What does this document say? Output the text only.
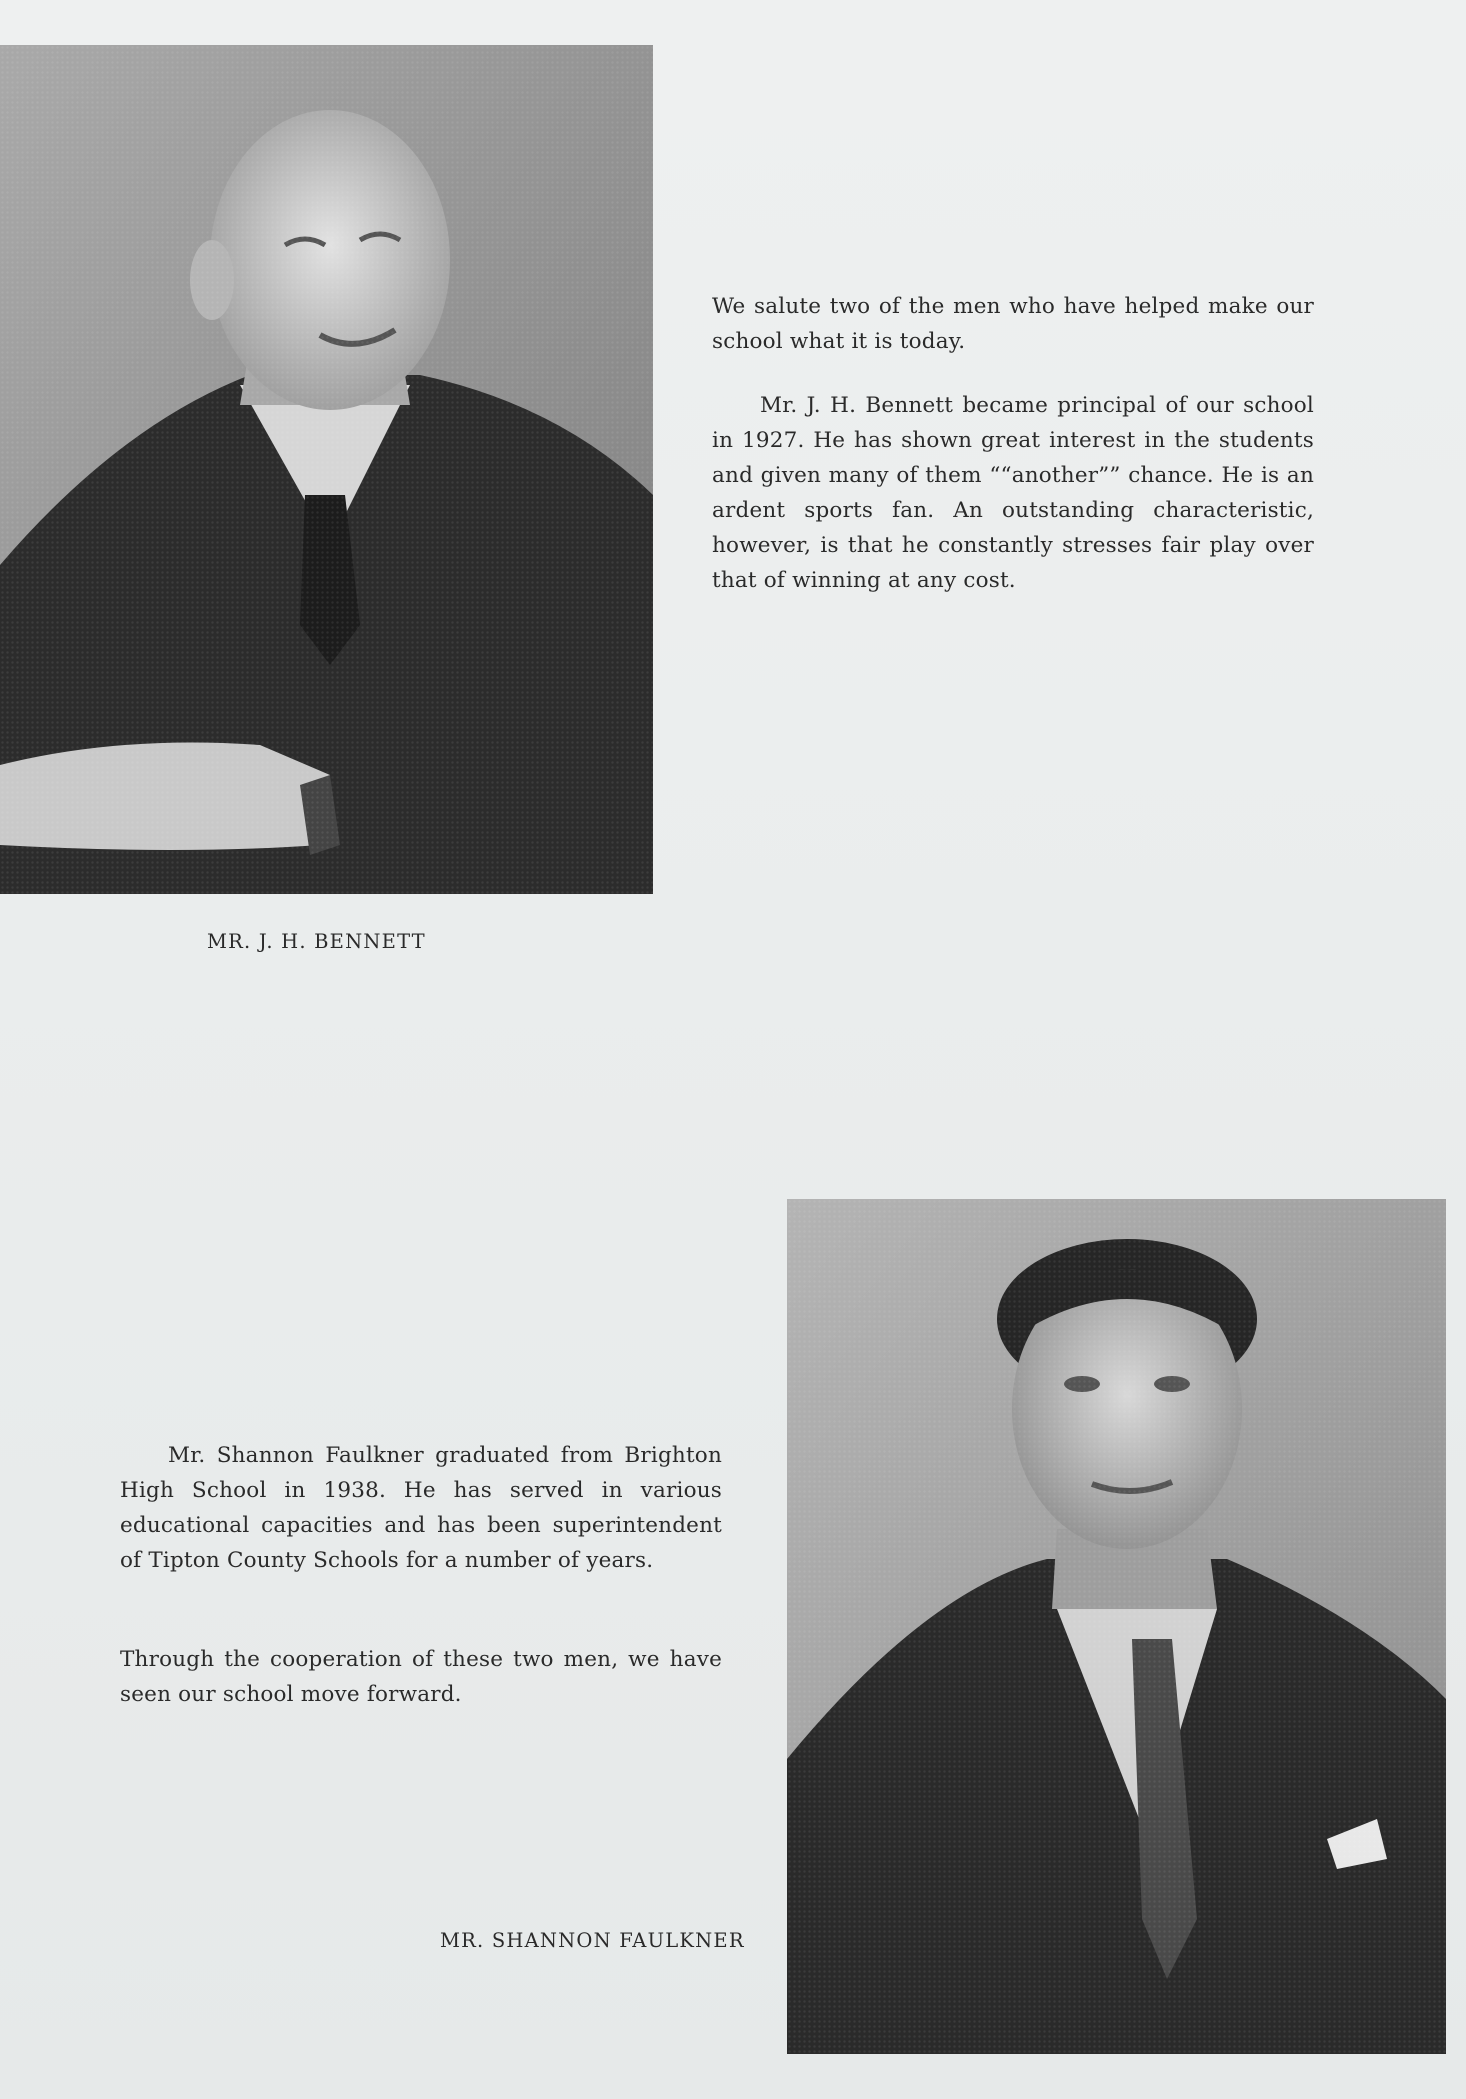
We salute two of the men who have helped make our school what it is today.

Mr. J. H. Bennett became principal of our school in 1927. He has shown great interest in the students and given many of them ““another”” chance. He is an ardent sports fan. An outstanding characteristic, however, is that he constantly stresses fair play over that of winning at any cost.

MR. J. H. BENNETT

Mr. Shannon Faulkner graduated from Brighton High School in 1938. He has served in various educational capacities and has been superintendent of Tipton County Schools for a number of years.

Through the cooperation of these two men, we have seen our school move forward.

MR. SHANNON FAULKNER
